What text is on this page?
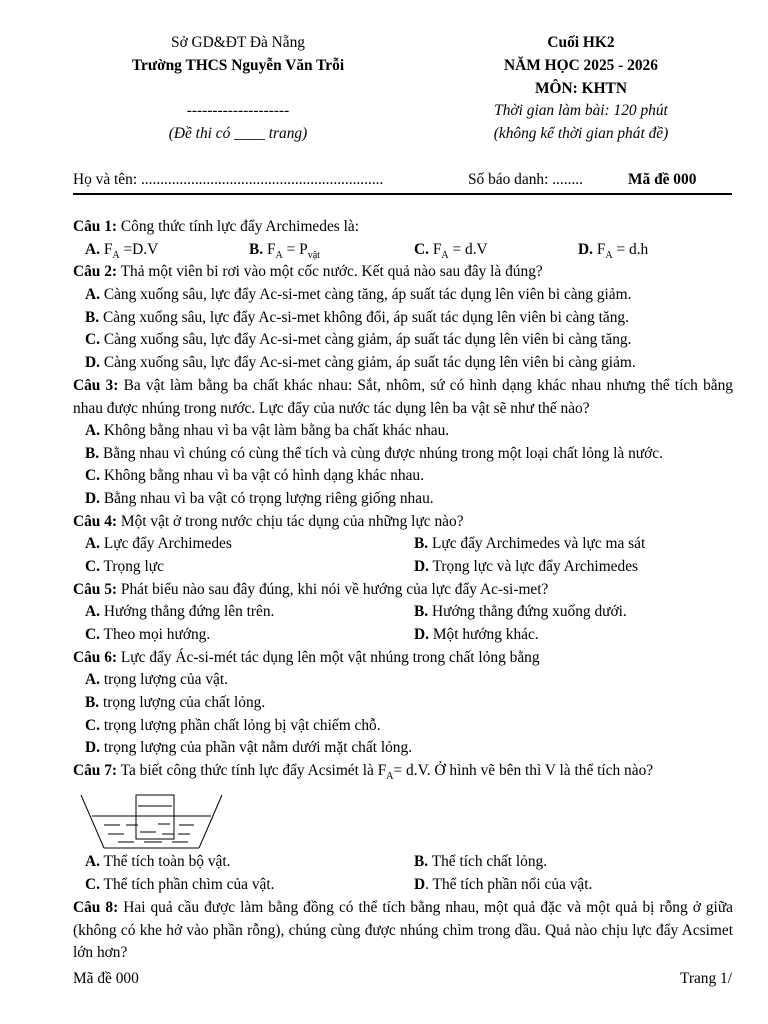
Sở GD&ĐT Đà Nẵng
Trường THCS Nguyễn Văn Trỗi
--------------------
(Đề thi có ____ trang)
Cuối HK2
NĂM HỌC 2025 - 2026
MÔN: KHTN
Thời gian làm bài: 120 phút
(không kể thời gian phát đề)
Họ và tên: ...............................................................	Số báo danh: ........	Mã đề 000
Câu 1: Công thức tính lực đẩy Archimedes là:
A. $F_A =D.V$	B. $F_A = P_{vật}$	C. $F_A = d.V$	D. $F_A = d.h$
Câu 2: Thả một viên bi rơi vào một cốc nước. Kết quả nào sau đây là đúng?
A. Càng xuống sâu, lực đẩy Ac-si-met càng tăng, áp suất tác dụng lên viên bi càng giảm.
B. Càng xuống sâu, lực đẩy Ac-si-met không đổi, áp suất tác dụng lên viên bi càng tăng.
C. Càng xuống sâu, lực đẩy Ac-si-met càng giảm, áp suất tác dụng lên viên bi càng tăng.
D. Càng xuống sâu, lực đẩy Ac-si-met càng giảm, áp suất tác dụng lên viên bi càng giảm.
Câu 3: Ba vật làm bằng ba chất khác nhau: Sắt, nhôm, sứ có hình dạng khác nhau nhưng thể tích bằng nhau được nhúng trong nước. Lực đẩy của nước tác dụng lên ba vật sẽ như thế nào?
A. Không bằng nhau vì ba vật làm bằng ba chất khác nhau.
B. Bằng nhau vì chúng có cùng thể tích và cùng được nhúng trong một loại chất lỏng là nước.
C. Không bằng nhau vì ba vật có hình dạng khác nhau.
D. Bằng nhau vì ba vật có trọng lượng riêng giống nhau.
Câu 4: Một vật ở trong nước chịu tác dụng của những lực nào?
A. Lực đẩy Archimedes	B. Lực đẩy Archimedes và lực ma sát
C. Trọng lực	D. Trọng lực và lực đẩy Archimedes
Câu 5: Phát biểu nào sau đây đúng, khi nói về hướng của lực đẩy Ac-si-met?
A. Hướng thẳng đứng lên trên.	B. Hướng thẳng đứng xuống dưới.
C. Theo mọi hướng.	D. Một hướng khác.
Câu 6: Lực đẩy Ác-si-mét tác dụng lên một vật nhúng trong chất lỏng bằng
A. trọng lượng của vật.
B. trọng lượng của chất lỏng.
C. trọng lượng phần chất lỏng bị vật chiếm chỗ.
D. trọng lượng của phần vật nằm dưới mặt chất lỏng.
Câu 7: Ta biết công thức tính lực đẩy Acsimét là $F_A= d.V$. Ở hình vẽ bên thì V là thể tích nào?
A. Thể tích toàn bộ vật.	B. Thể tích chất lỏng.
C. Thể tích phần chìm của vật.	D. Thể tích phần nổi của vật.
Câu 8: Hai quả cầu được làm bằng đồng có thể tích bằng nhau, một quả đặc và một quả bị rỗng ở giữa (không có khe hở vào phần rỗng), chúng cùng được nhúng chìm trong dầu. Quả nào chịu lực đẩy Acsimet lớn hơn?
Mã đề 000	Trang 1/
